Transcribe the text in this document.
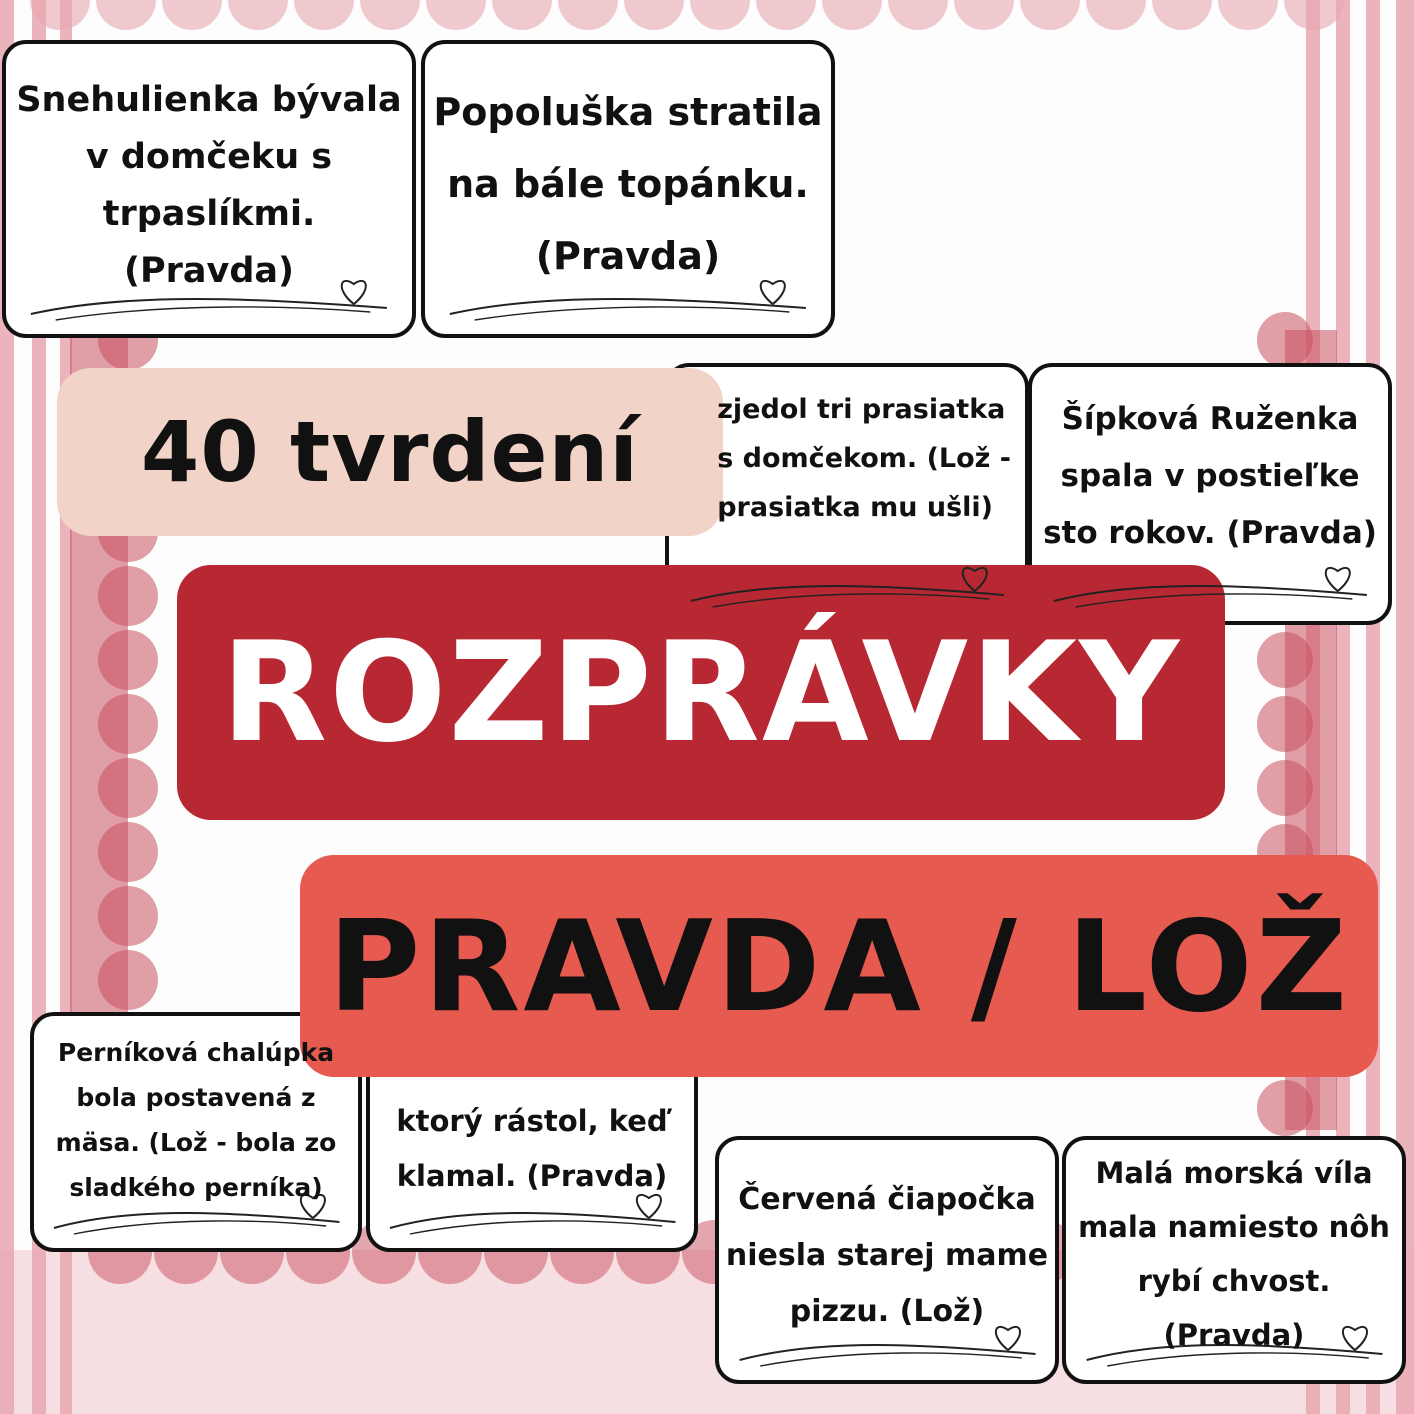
Snehulienka bývala
v domčeku s
trpaslíkmi.
(Pravda)
Popoluška stratila
na bále topánku.
(Pravda)
zjedol tri prasiatka
s domčekom. (Lož -
prasiatka mu ušli)
Šípková Ruženka
spala v postieľke
sto rokov. (Pravda)
Perníková chalúpka
bola postavená z
mäsa. (Lož - bola zo
sladkého perníka)
ktorý rástol, keď
klamal. (Pravda)
Červená čiapočka
niesla starej mame
pizzu. (Lož)
Malá morská víla
mala namiesto nôh
rybí chvost.
(Pravda)
40 tvrdení
ROZPRÁVKY
PRAVDA / LOŽ
